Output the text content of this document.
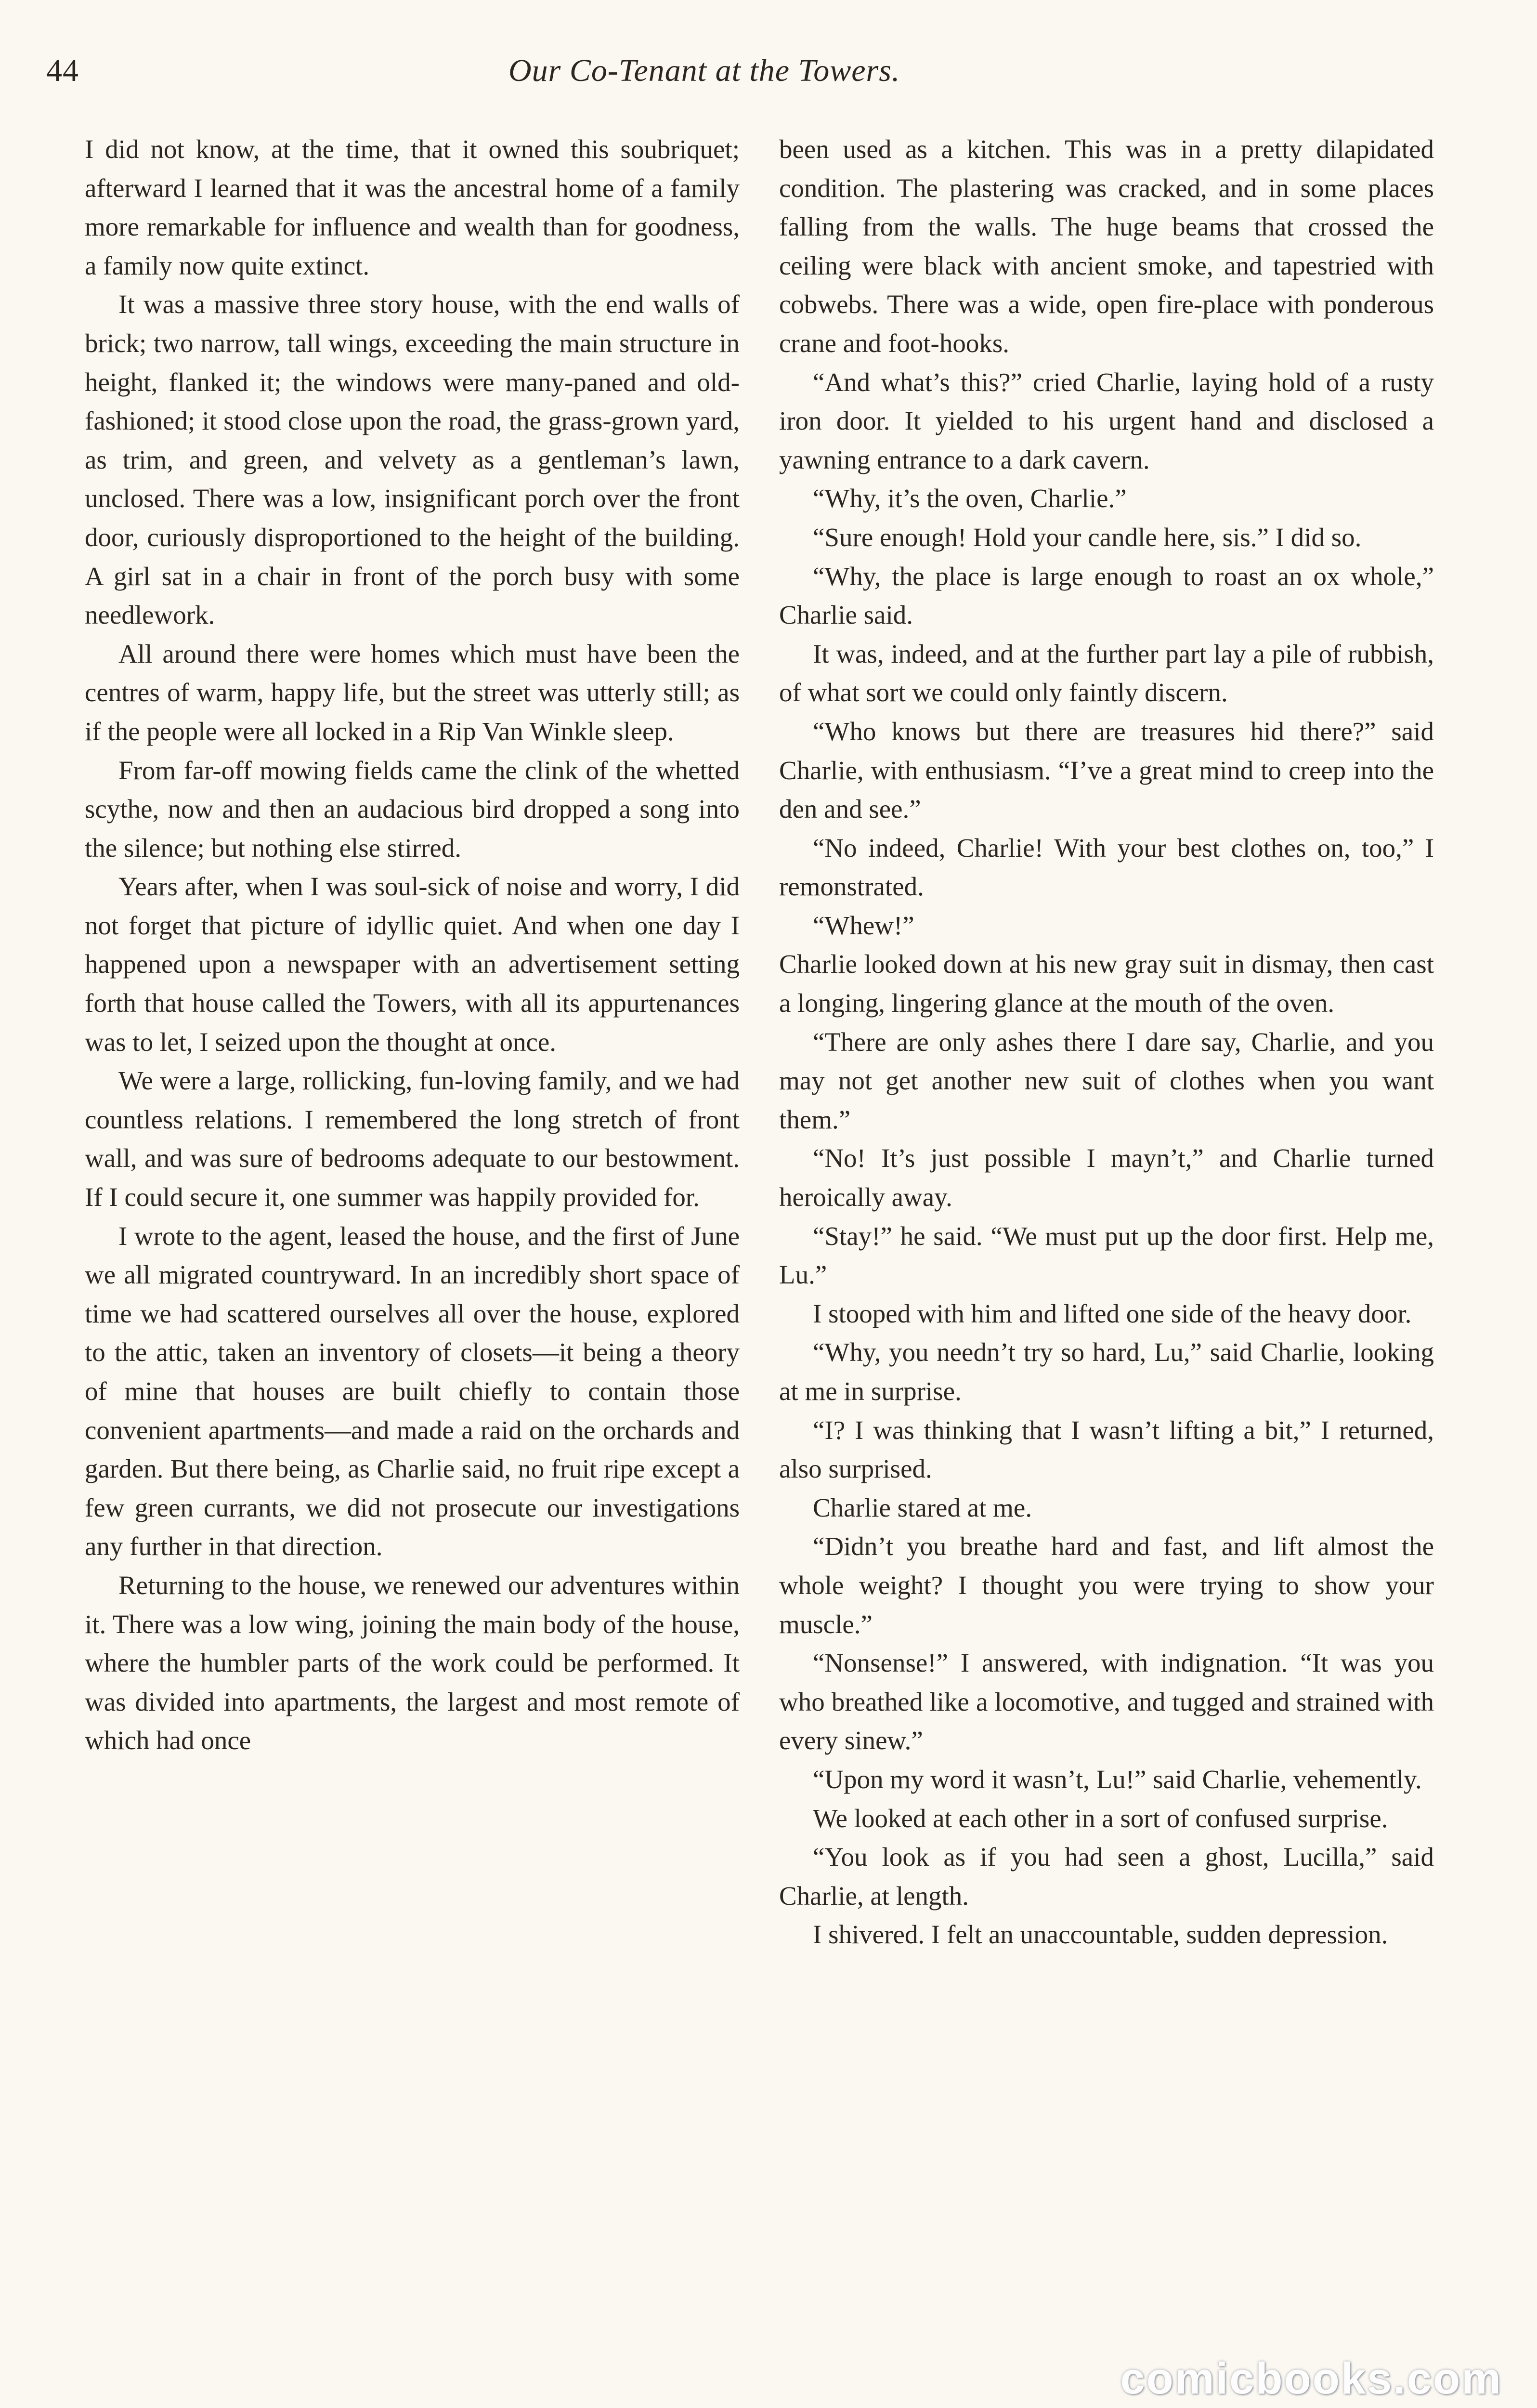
44	Our Co-Tenant at the Towers.

I did not know, at the time, that it owned this soubriquet; afterward I learned that it was the ancestral home of a family more remarkable for influence and wealth than for goodness, a family now quite extinct.

It was a massive three story house, with the end walls of brick; two narrow, tall wings, exceeding the main structure in height, flanked it; the windows were many-paned and old-fashioned; it stood close upon the road, the grass-grown yard, as trim, and green, and velvety as a gentleman’s lawn, unclosed. There was a low, insignificant porch over the front door, curiously disproportioned to the height of the building. A girl sat in a chair in front of the porch busy with some needlework.

All around there were homes which must have been the centres of warm, happy life, but the street was utterly still; as if the people were all locked in a Rip Van Winkle sleep.

From far-off mowing fields came the clink of the whetted scythe, now and then an audacious bird dropped a song into the silence; but nothing else stirred.

Years after, when I was soul-sick of noise and worry, I did not forget that picture of idyllic quiet. And when one day I happened upon a newspaper with an advertisement setting forth that house called the Towers, with all its appurtenances was to let, I seized upon the thought at once.

We were a large, rollicking, fun-loving family, and we had countless relations. I remembered the long stretch of front wall, and was sure of bedrooms adequate to our bestowment. If I could secure it, one summer was happily provided for.

I wrote to the agent, leased the house, and the first of June we all migrated countryward. In an incredibly short space of time we had scattered ourselves all over the house, explored to the attic, taken an inventory of closets—it being a theory of mine that houses are built chiefly to contain those convenient apartments—and made a raid on the orchards and garden. But there being, as Charlie said, no fruit ripe except a few green currants, we did not prosecute our investigations any further in that direction.

Returning to the house, we renewed our adventures within it. There was a low wing, joining the main body of the house, where the humbler parts of the work could be performed. It was divided into apartments, the largest and most remote of which had once

been used as a kitchen. This was in a pretty dilapidated condition. The plastering was cracked, and in some places falling from the walls. The huge beams that crossed the ceiling were black with ancient smoke, and tapestried with cobwebs. There was a wide, open fire-place with ponderous crane and foot-hooks.

“And what’s this?” cried Charlie, laying hold of a rusty iron door. It yielded to his urgent hand and disclosed a yawning entrance to a dark cavern.

“Why, it’s the oven, Charlie.”

“Sure enough! Hold your candle here, sis.” I did so.

“Why, the place is large enough to roast an ox whole,” Charlie said.

It was, indeed, and at the further part lay a pile of rubbish, of what sort we could only faintly discern.

“Who knows but there are treasures hid there?” said Charlie, with enthusiasm. “I’ve a great mind to creep into the den and see.”

“No indeed, Charlie! With your best clothes on, too,” I remonstrated.

“Whew!”

Charlie looked down at his new gray suit in dismay, then cast a longing, lingering glance at the mouth of the oven.

“There are only ashes there I dare say, Charlie, and you may not get another new suit of clothes when you want them.”

“No! It’s just possible I mayn’t,” and Charlie turned heroically away.

“Stay!” he said. “We must put up the door first. Help me, Lu.”

I stooped with him and lifted one side of the heavy door.

“Why, you needn’t try so hard, Lu,” said Charlie, looking at me in surprise.

“I? I was thinking that I wasn’t lifting a bit,” I returned, also surprised.

Charlie stared at me.

“Didn’t you breathe hard and fast, and lift almost the whole weight? I thought you were trying to show your muscle.”

“Nonsense!” I answered, with indignation. “It was you who breathed like a locomotive, and tugged and strained with every sinew.”

“Upon my word it wasn’t, Lu!” said Charlie, vehemently.

We looked at each other in a sort of confused surprise.

“You look as if you had seen a ghost, Lucilla,” said Charlie, at length.

I shivered. I felt an unaccountable, sudden depression.

comicbooks.com
